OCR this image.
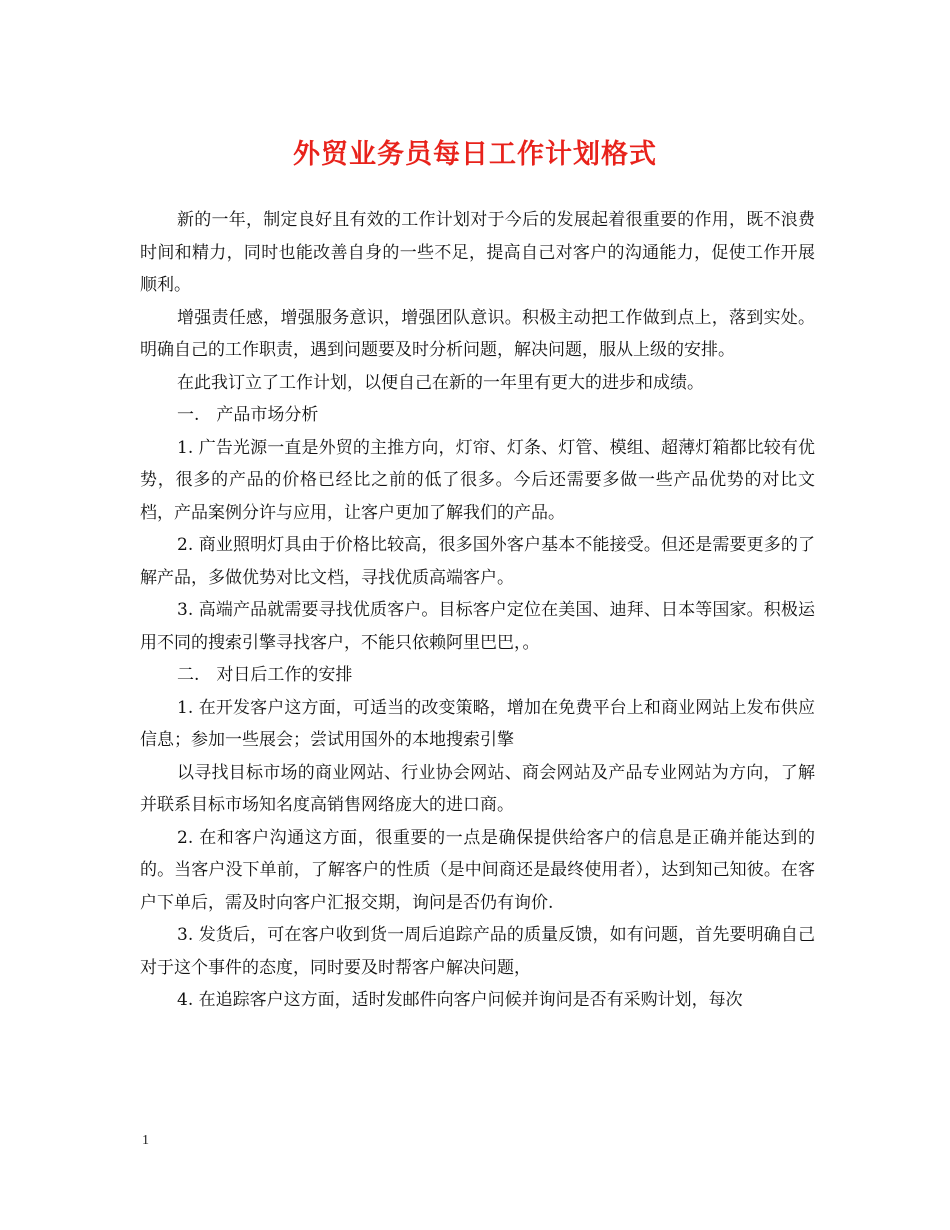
外贸业务员每日工作计划格式

新的一年，制定良好且有效的工作计划对于今后的发展起着很重要的作用，既不浪费时间和精力，同时也能改善自身的一些不足，提高自己对客户的沟通能力，促使工作开展顺利。

增强责任感，增强服务意识，增强团队意识。积极主动把工作做到点上，落到实处。明确自己的工作职责，遇到问题要及时分析问题，解决问题，服从上级的安排。

在此我订立了工作计划，以便自己在新的一年里有更大的进步和成绩。

一.　产品市场分析

1. 广告光源一直是外贸的主推方向，灯帘、灯条、灯管、模组、超薄灯箱都比较有优势，很多的产品的价格已经比之前的低了很多。今后还需要多做一些产品优势的对比文档，产品案例分许与应用，让客户更加了解我们的产品。

2. 商业照明灯具由于价格比较高，很多国外客户基本不能接受。但还是需要更多的了解产品，多做优势对比文档，寻找优质高端客户。

3. 高端产品就需要寻找优质客户。目标客户定位在美国、迪拜、日本等国家。积极运用不同的搜索引擎寻找客户，不能只依赖阿里巴巴，。

二.　对日后工作的安排

1. 在开发客户这方面，可适当的改变策略，增加在免费平台上和商业网站上发布供应信息；参加一些展会；尝试用国外的本地搜索引擎

以寻找目标市场的商业网站、行业协会网站、商会网站及产品专业网站为方向，了解并联系目标市场知名度高销售网络庞大的进口商。

2. 在和客户沟通这方面，很重要的一点是确保提供给客户的信息是正确并能达到的的。当客户没下单前，了解客户的性质（是中间商还是最终使用者），达到知己知彼。在客户下单后，需及时向客户汇报交期，询问是否仍有询价.

3. 发货后，可在客户收到货一周后追踪产品的质量反馈，如有问题，首先要明确自己对于这个事件的态度，同时要及时帮客户解决问题，

4. 在追踪客户这方面，适时发邮件向客户问候并询问是否有采购计划，每次

1
